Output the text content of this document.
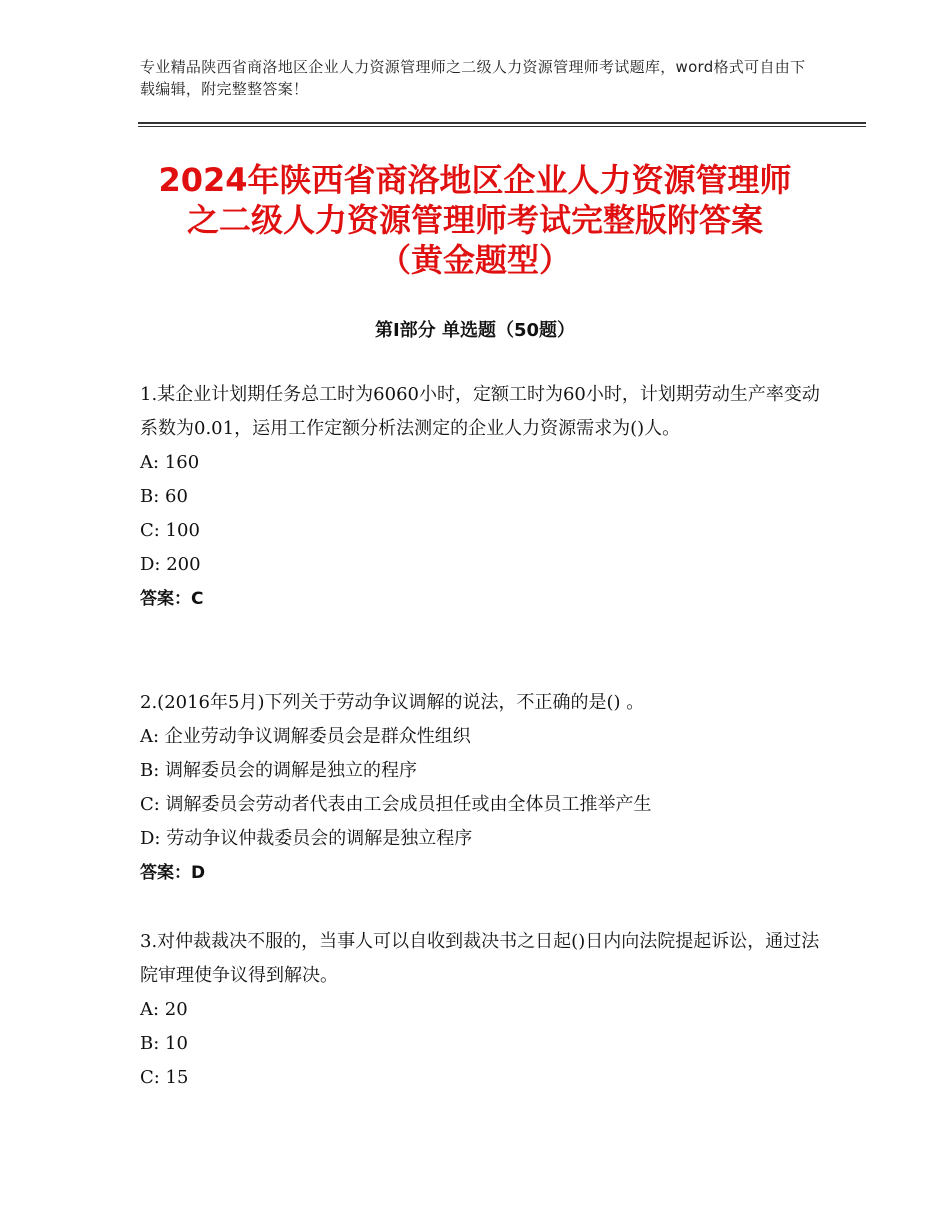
专业精品陕西省商洛地区企业人力资源管理师之二级人力资源管理师考试题库，word格式可自由下载编辑，附完整整答案！
2024年陕西省商洛地区企业人力资源管理师
之二级人力资源管理师考试完整版附答案
（黄金题型）
第Ⅰ部分 单选题（50题）

1.某企业计划期任务总工时为6060小时，定额工时为60小时，计划期劳动生产率变动系数为0.01，运用工作定额分析法测定的企业人力资源需求为()人。

A: 160

B: 60

C: 100

D: 200

答案：C

2.(2016年5月)下列关于劳动争议调解的说法，不正确的是() 。

A: 企业劳动争议调解委员会是群众性组织

B: 调解委员会的调解是独立的程序

C: 调解委员会劳动者代表由工会成员担任或由全体员工推举产生

D: 劳动争议仲裁委员会的调解是独立程序

答案：D

3.对仲裁裁决不服的，当事人可以自收到裁决书之日起()日内向法院提起诉讼，通过法院审理使争议得到解决。

A: 20

B: 10

C: 15
